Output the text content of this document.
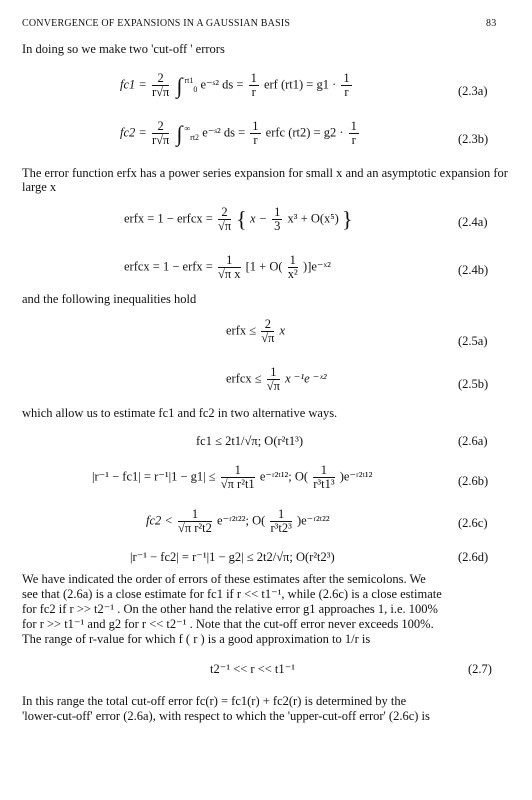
CONVERGENCE OF EXPANSIONS IN A GAUSSIAN BASIS	83
In doing so we make two 'cut-off ' errors
$fc1 = \frac{2}{r√\pi}$ ∫ $^{rt1}_0$ e⁻ˢ² ds = $\frac{1}{r}$ erf $(rt1) = g1 \cdot \frac{1}{r}$	(2.3a)
$fc2 = \frac{2}{r√\pi}$ ∫ ∞$_{rt2}$ e⁻ˢ² ds = $\frac{1}{r}$ erfc $(rt2) = g2 \cdot \frac{1}{r}$	(2.3b)
The error function erfx has a power series expansion for small x and an asymptotic expansion for large x
erfx = 1 − erfcx = $\frac{2}{√\pi}$ { $x - \frac{1}{3} x^3 + O(x^5)$ }	(2.4a)
erfcx = 1 − erfx = $\frac{1}{\text{√π x}} [1 + O( \frac{1}{\text{x²}}$ )]e⁻ˣ²	(2.4b)
and the following inequalities hold
erfx ≤ $\frac{2}{√\pi}$ x
(2.5a)
erfcx ≤ $\frac{1}{√\pi}$ x ⁻¹e ⁻ˣ²	(2.5b)
which allow us to estimate fc1 and fc2 in two alternative ways.
fc1 ≤ 2t1/√π; O(r²t1³)	(2.6a)
$|r^{-1} - fc1| = r^{-1}|1 - g1| \le \frac{1}{\text{√π r²t1}}$ e⁻ʳ²ᵗ¹²; $O( \frac{1}{\text{r³t1³}}$ )e⁻ʳ²ᵗ¹²	(2.6b)
$fc2 < \frac{1}{\text{√π r²t2}}$ e⁻ʳ²ᵗ²²; $O( \frac{1}{\text{r³t2³}}$ )e⁻ʳ²ᵗ²²	(2.6c)
|r⁻¹ − fc2| = r⁻¹|1 − g2| ≤ 2t2/√π; O(r²t2³)	(2.6d)
We have indicated the order of errors of these estimates after the semicolons. We
see that (2.6a) is a close estimate for fc1 if r << t1⁻¹, while (2.6c) is a close estimate
for fc2 if r >> t2⁻¹ . On the other hand the relative error g1 approaches 1, i.e. 100%
for r >> t1⁻¹ and g2 for r << t2⁻¹ . Note that the cut-off error never exceeds 100%.
The range of r-value for which f ( r ) is a good approximation to 1/r is
t2⁻¹ << r << t1⁻¹	(2.7)
In this range the total cut-off error fc(r) = fc1(r) + fc2(r) is determined by the
'lower-cut-off' error (2.6a), with respect to which the 'upper-cut-off error' (2.6c) is
